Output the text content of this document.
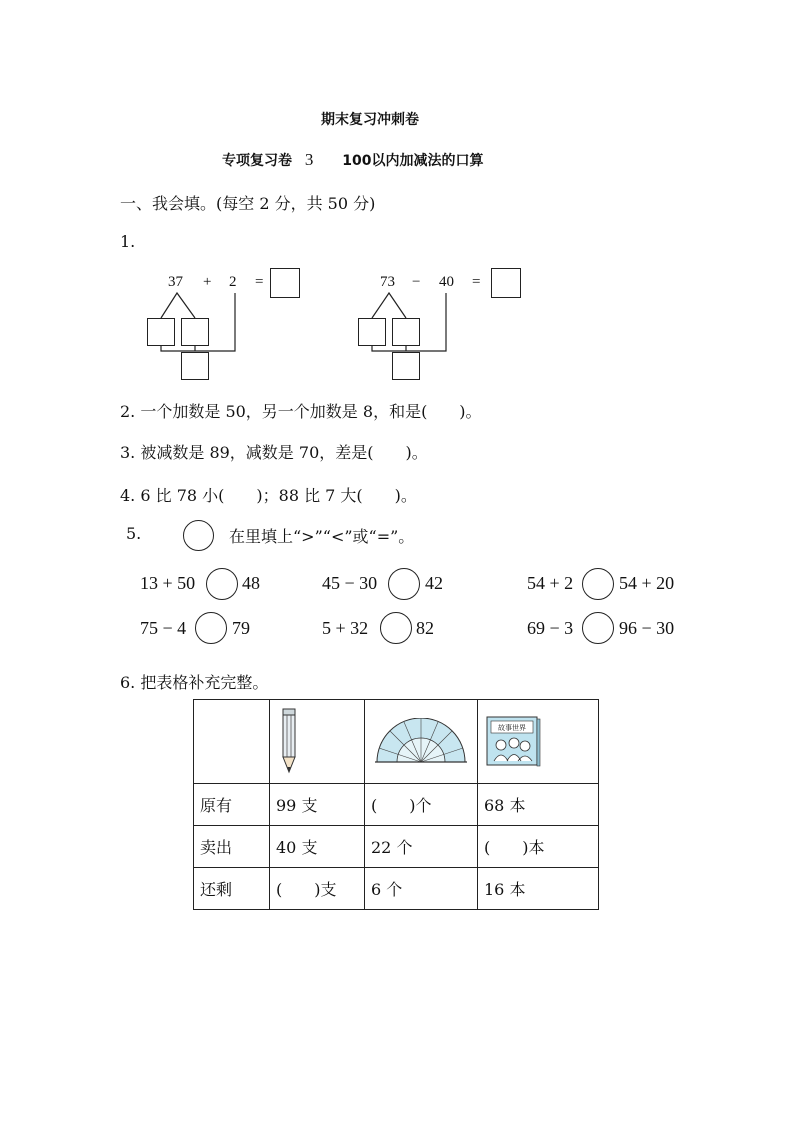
期末复习冲刺卷
专项复习卷 3 100以内加减法的口算
一、我会填。(每空 2 分，共 50 分)
1.
37 + 2 =	73 − 40 =
2. 一个加数是 50，另一个加数是 8，和是(　　)。
3. 被减数是 89，减数是 70，差是(　　)。
4. 6 比 78 小(　　)；88 比 7 大(　　)。
5.	在里填上“>”“<”或“=”。
13 + 50	48	45 − 30	42	54 + 2	54 + 20
75 − 4	79	5 + 32	82	69 − 3	96 − 30
6. 把表格补充完整。

故事世界

原有	99 支	(　　)个	68 本
卖出	40 支	22 个	(　　)本
还剩	(　　)支	6 个	16 本
